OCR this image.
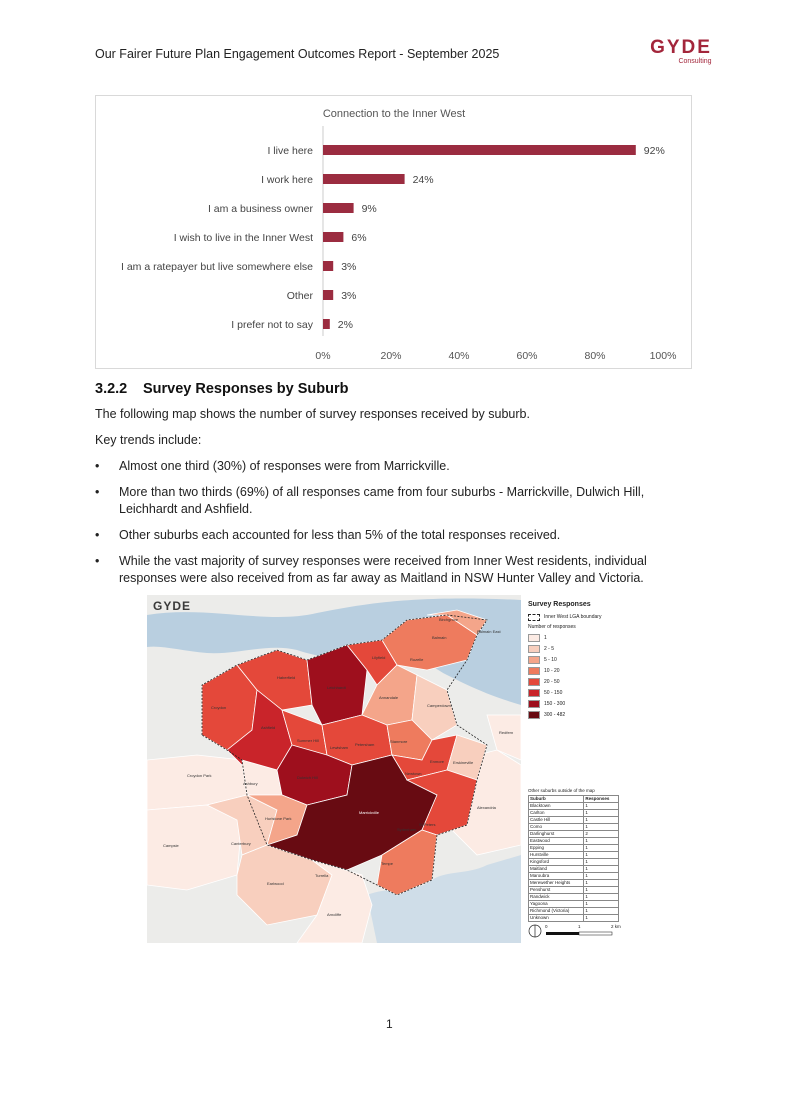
Our Fairer Future Plan Engagement Outcomes Report - September 2025	GYDE
Consulting
Connection to the Inner West
I live here	92%
I work here	24%
I am a business owner	9%
I wish to live in the Inner West	6%
I am a ratepayer but live somewhere else	3%
Other	3%
I prefer not to say 2%
0%	20%	40%	60%	80%	100%
3.2.2 Survey Responses by Suburb
The following map shows the number of survey responses received by suburb.
Key trends include:
• Almost one third (30%) of responses were from Marrickville.
• More than two thirds (69%) of all responses came from four suburbs - Marrickville, Dulwich Hill, Leichhardt and Ashfield.
• Other suburbs each accounted for less than 5% of the total responses received.
• While the vast majority of survey responses were received from Inner West residents, individual responses were also received from as far away as Maitland in NSW Hunter Valley and Victoria.
GYDE
Birchgrove
Balmain East
Balmain
Rozelle
Lilyfield
Haberfield
Leichhardt
Annandale
Croydon
Ashfield
Summer Hill
Lewisham
Petersham
Stanmore
Camperdown
Redfern
Croydon Park
Ashbury
Dulwich Hill
Newtown
Enmore Erskineville
Campsie	Canterbury
Hurlstone Park
Marrickville
Sydenham
St Peters
Alexandria
Tempe
Earlwood
Turrella
Arncliffe
Survey Responses
Inner West LGA boundary
Number of responses
1
2 - 5
5 - 10
10 - 20
20 - 50
50 - 150
150 - 300
300 - 482
Other suburbs outside of the map
Suburb	Responses
Blacktown	1
Carlton	1
Castle Hill	1
Como	1
Darlinghurst	2
Eastwood	1
Epping	1
Hurstville	1
Kingsford	1
Maitland	1
Maroubra	1
Merewether Heights	1
Penshurst	1
Randwick	1
Yagoona	1
Richmond (Victoria)	1
Unknown	1
0	1	2 km
1
